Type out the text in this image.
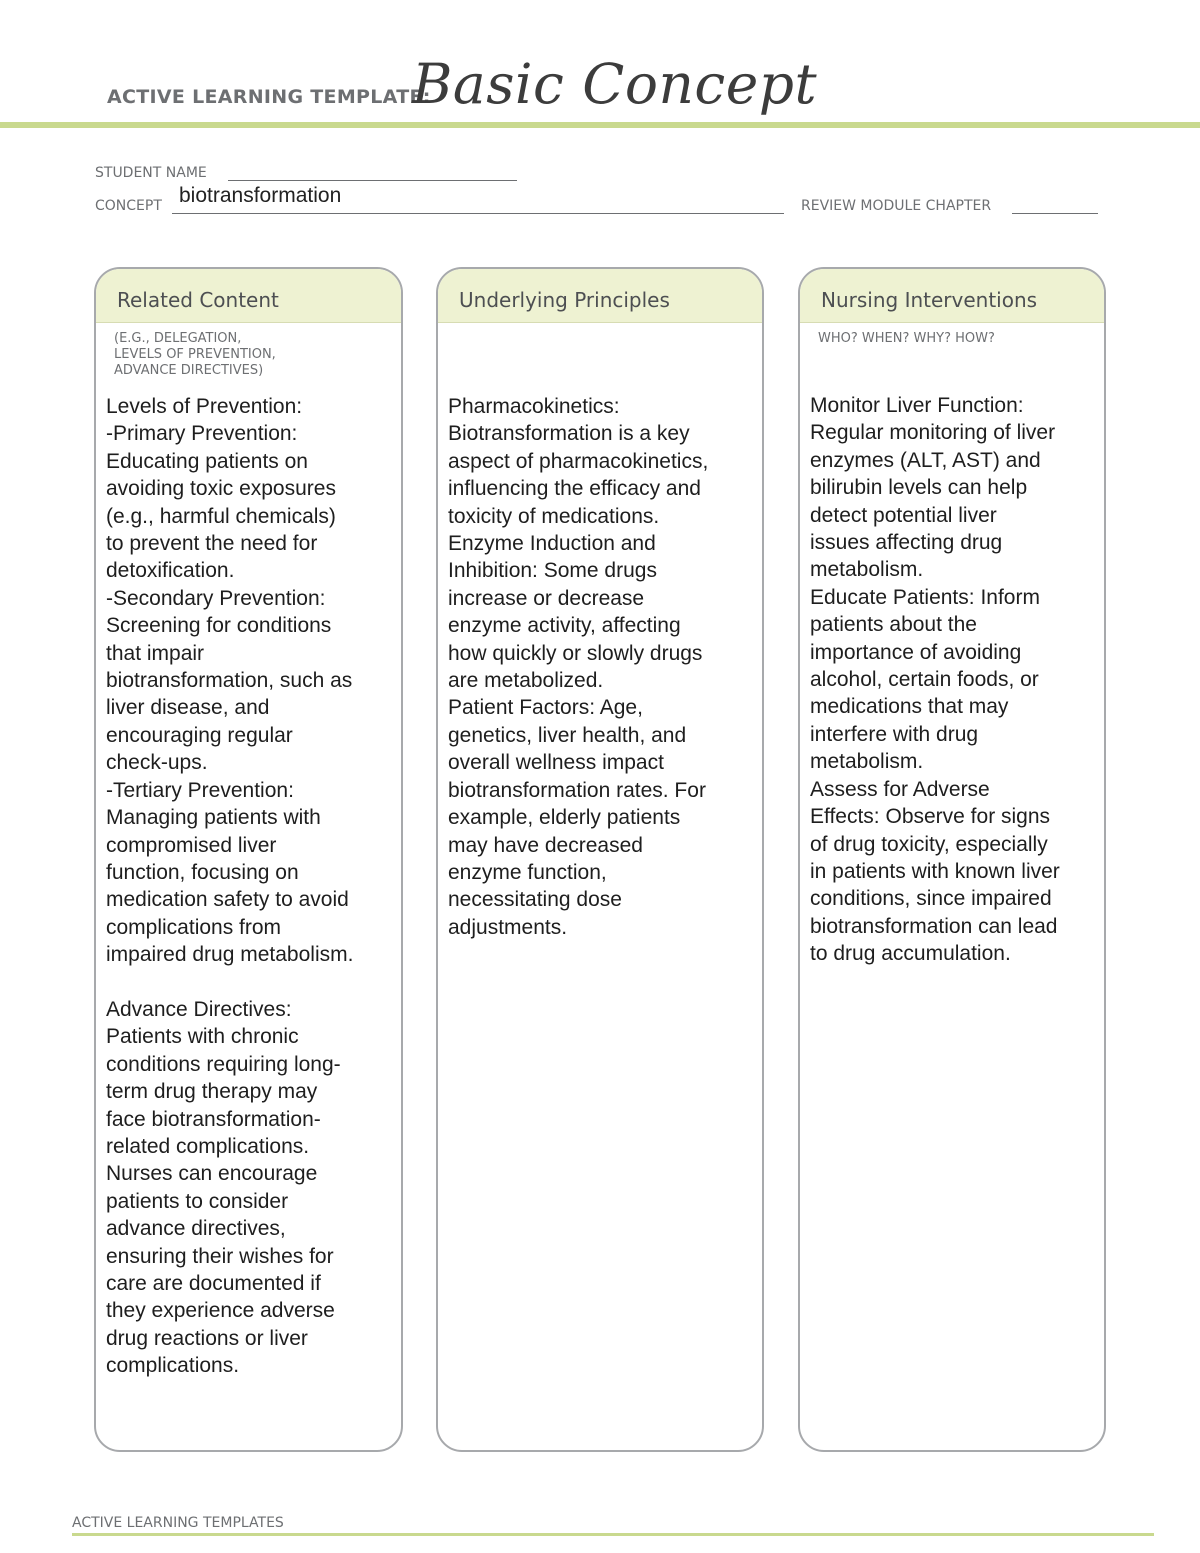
ACTIVE LEARNING TEMPLATE:
Basic Concept
STUDENT NAME
CONCEPT biotransformation	REVIEW MODULE CHAPTER
Related Content
(E.G., DELEGATION,
LEVELS OF PREVENTION,
ADVANCE DIRECTIVES)
Levels of Prevention:
-Primary Prevention:
Educating patients on
avoiding toxic exposures
(e.g., harmful chemicals)
to prevent the need for
detoxification.
-Secondary Prevention:
Screening for conditions
that impair
biotransformation, such as
liver disease, and
encouraging regular
check-ups.
-Tertiary Prevention:
Managing patients with
compromised liver
function, focusing on
medication safety to avoid
complications from
impaired drug metabolism.

Advance Directives:
Patients with chronic
conditions requiring long-
term drug therapy may
face biotransformation-
related complications.
Nurses can encourage
patients to consider
advance directives,
ensuring their wishes for
care are documented if
they experience adverse
drug reactions or liver
complications.
Underlying Principles
Pharmacokinetics:
Biotransformation is a key
aspect of pharmacokinetics,
influencing the efficacy and
toxicity of medications.
Enzyme Induction and
Inhibition: Some drugs
increase or decrease
enzyme activity, affecting
how quickly or slowly drugs
are metabolized.
Patient Factors: Age,
genetics, liver health, and
overall wellness impact
biotransformation rates. For
example, elderly patients
may have decreased
enzyme function,
necessitating dose
adjustments.
Nursing Interventions
WHO? WHEN? WHY? HOW?
Monitor Liver Function:
Regular monitoring of liver
enzymes (ALT, AST) and
bilirubin levels can help
detect potential liver
issues affecting drug
metabolism.
Educate Patients: Inform
patients about the
importance of avoiding
alcohol, certain foods, or
medications that may
interfere with drug
metabolism.
Assess for Adverse
Effects: Observe for signs
of drug toxicity, especially
in patients with known liver
conditions, since impaired
biotransformation can lead
to drug accumulation.
ACTIVE LEARNING TEMPLATES
